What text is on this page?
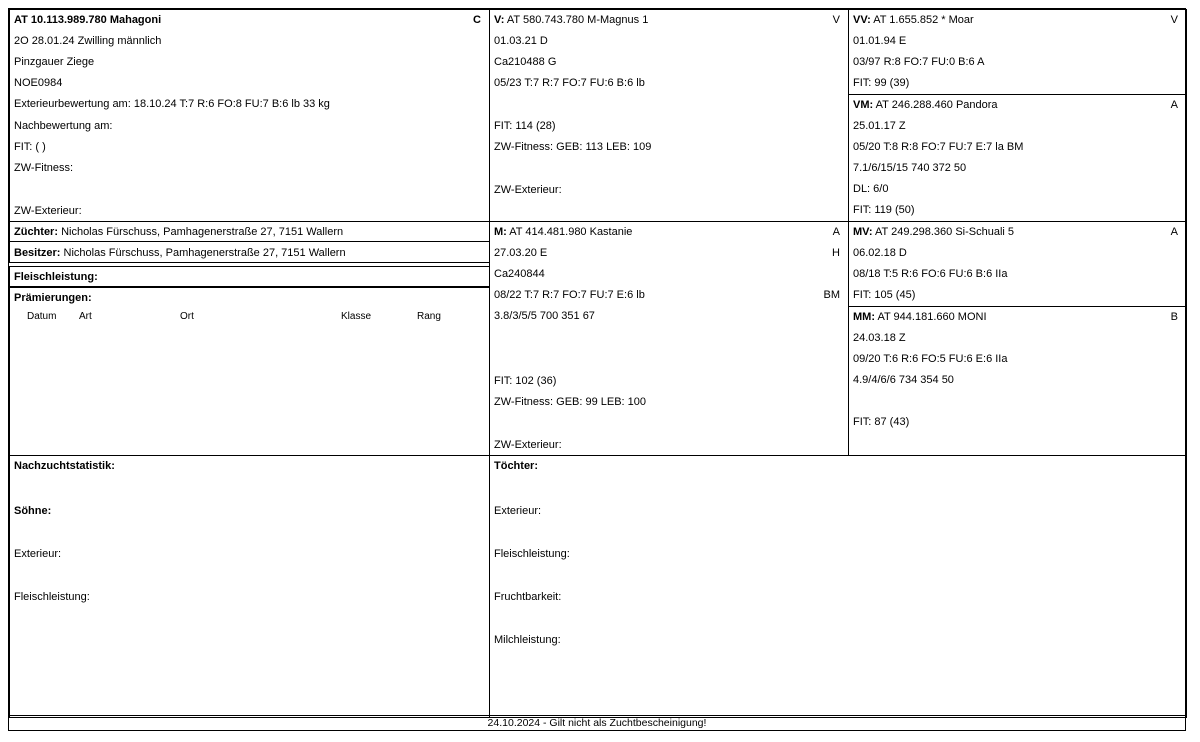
AT 10.113.989.780 Mahagoni	C
2O 28.01.24 Zwilling männlich
Pinzgauer Ziege
NOE0984
Exterieurbewertung am: 18.10.24 T:7 R:6 FO:8 FU:7 B:6 lb 33 kg
Nachbewertung am:
FIT: ( )
ZW-Fitness:
ZW-Exterieur:
Züchter: Nicholas Fürschuss, Pamhagenerstraße 27, 7151 Wallern
Besitzer: Nicholas Fürschuss, Pamhagenerstraße 27, 7151 Wallern
Fleischleistung:
Prämierungen:
Datum Art	Ort	Klasse	Rang
V: AT 580.743.780 M-Magnus 1	V
01.03.21 D
Ca210488 G
05/23 T:7 R:7 FO:7 FU:6 B:6 lb
FIT: 114 (28)
ZW-Fitness: GEB: 113 LEB: 109
ZW-Exterieur:
M: AT 414.481.980 Kastanie	A
27.03.20 E	H
Ca240844
08/22 T:7 R:7 FO:7 FU:7 E:6 lb	BM
3.8/3/5/5 700 351 67
FIT: 102 (36)
ZW-Fitness: GEB: 99 LEB: 100
ZW-Exterieur:
VV: AT 1.655.852 * Moar	V
01.01.94 E
03/97 R:8 FO:7 FU:0 B:6 A
FIT: 99 (39)
VM: AT 246.288.460 Pandora	A
25.01.17 Z
05/20 T:8 R:8 FO:7 FU:7 E:7 la BM
7.1/6/15/15 740 372 50
DL: 6/0
FIT: 119 (50)
MV: AT 249.298.360 Si-Schuali 5	A
06.02.18 D
08/18 T:5 R:6 FO:6 FU:6 B:6 IIa
FIT: 105 (45)
MM: AT 944.181.660 MONI	B
24.03.18 Z
09/20 T:6 R:6 FO:5 FU:6 E:6 IIa
4.9/4/6/6 734 354 50
FIT: 87 (43)
Nachzuchtstatistik:
Söhne:
Exterieur:
Fleischleistung:
Töchter:
Exterieur:
Fleischleistung:
Fruchtbarkeit:
Milchleistung:
24.10.2024 - Gilt nicht als Zuchtbescheinigung!
